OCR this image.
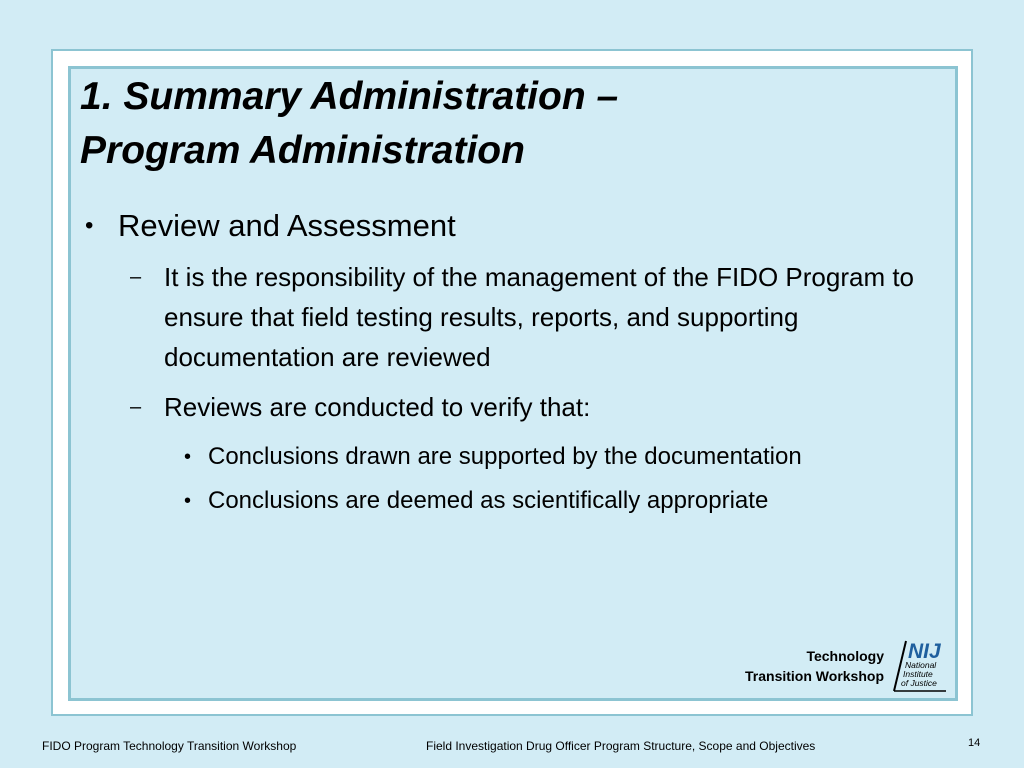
1. Summary Administration –
Program Administration
• Review and Assessment
– It is the responsibility of the management of the FIDO Program to ensure that field testing results, reports, and supporting documentation are reviewed
– Reviews are conducted to verify that:
• Conclusions drawn are supported by the documentation
• Conclusions are deemed as scientifically appropriate
Technology
Transition Workshop
NIJ
National
Institute
of Justice
FIDO Program Technology Transition Workshop	Field Investigation Drug Officer Program Structure, Scope and Objectives	14
